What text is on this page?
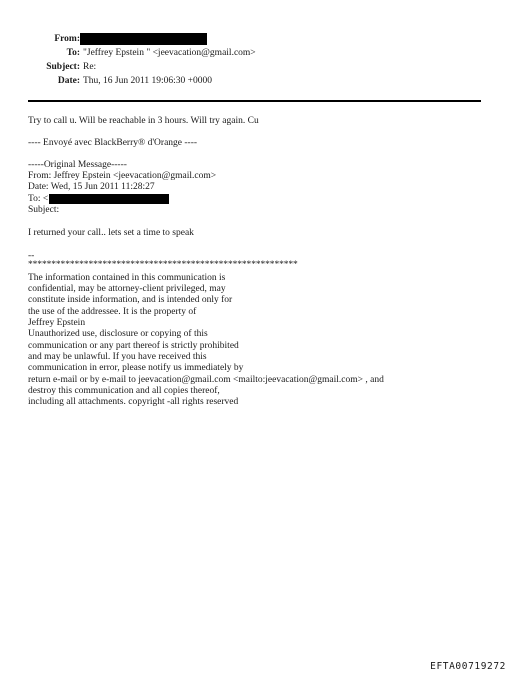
From:
To: "Jeffrey Epstein " <jeevacation@gmail.com>
Subject: Re:
Date: Thu, 16 Jun 2011 19:06:30 +0000
Try to call u. Will be reachable in 3 hours. Will try again. Cu
---- Envoyé avec BlackBerry® d'Orange ----
-----Original Message-----
From: Jeffrey Epstein <jeevacation@gmail.com>
Date: Wed, 15 Jun 2011 11:28:27
To: <
Subject:
I returned your call.. lets set a time to speak
--
**********************************************************
The information contained in this communication is
confidential, may be attorney-client privileged, may
constitute inside information, and is intended only for
the use of the addressee. It is the property of
Jeffrey Epstein
Unauthorized use, disclosure or copying of this
communication or any part thereof is strictly prohibited
and may be unlawful. If you have received this
communication in error, please notify us immediately by
return e-mail or by e-mail to jeevacation@gmail.com <mailto:jeevacation@gmail.com> , and
destroy this communication and all copies thereof,
including all attachments. copyright -all rights reserved
EFTA00719272
